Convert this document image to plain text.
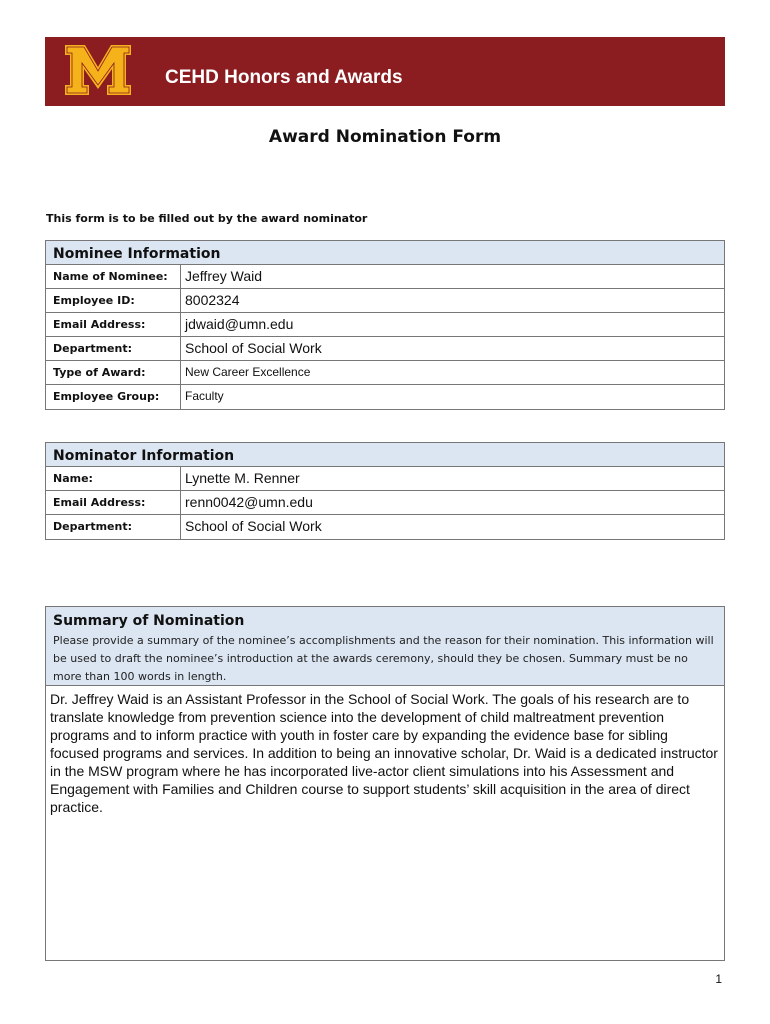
CEHD Honors and Awards
Award Nomination Form
This form is to be filled out by the award nominator
Nominee Information
Name of Nominee:	Jeffrey Waid
Employee ID:	8002324
Email Address:	jdwaid@umn.edu
Department:	School of Social Work
Type of Award:	New Career Excellence
Employee Group:	Faculty
Nominator Information
Name:	Lynette M. Renner
Email Address:	renn0042@umn.edu
Department:	School of Social Work
Summary of Nomination
Please provide a summary of the nominee’s accomplishments and the reason for their nomination. This information will be used to draft the nominee’s introduction at the awards ceremony, should they be chosen. Summary must be no more than 100 words in length.
Dr. Jeffrey Waid is an Assistant Professor in the School of Social Work. The goals of his research are to translate knowledge from prevention science into the development of child maltreatment prevention programs and to inform practice with youth in foster care by expanding the evidence base for sibling focused programs and services. In addition to being an innovative scholar, Dr. Waid is a dedicated instructor in the MSW program where he has incorporated live-actor client simulations into his Assessment and Engagement with Families and Children course to support students’ skill acquisition in the area of direct practice.
1
